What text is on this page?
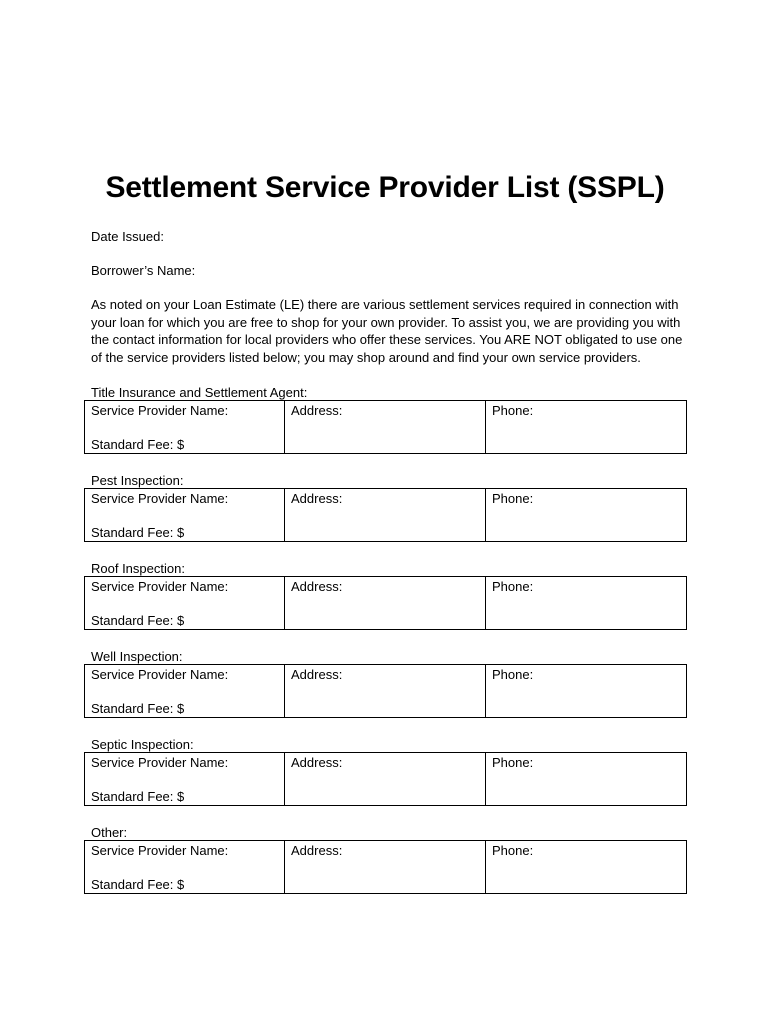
Settlement Service Provider List (SSPL)
Date Issued:
Borrower’s Name:
As noted on your Loan Estimate (LE) there are various settlement services required in connection with
your loan for which you are free to shop for your own provider. To assist you, we are providing you with
the contact information for local providers who offer these services. You ARE NOT obligated to use one
of the service providers listed below; you may shop around and find your own service providers.
Title Insurance and Settlement Agent:
Service Provider Name:
Standard Fee: $
Address:	Phone:
Pest Inspection:
Service Provider Name:
Standard Fee: $
Address:	Phone:
Roof Inspection:
Service Provider Name:
Standard Fee: $
Address:	Phone:
Well Inspection:
Service Provider Name:
Standard Fee: $
Address:	Phone:
Septic Inspection:
Service Provider Name:
Standard Fee: $
Address:	Phone:
Other:
Service Provider Name:
Standard Fee: $
Address:	Phone:
